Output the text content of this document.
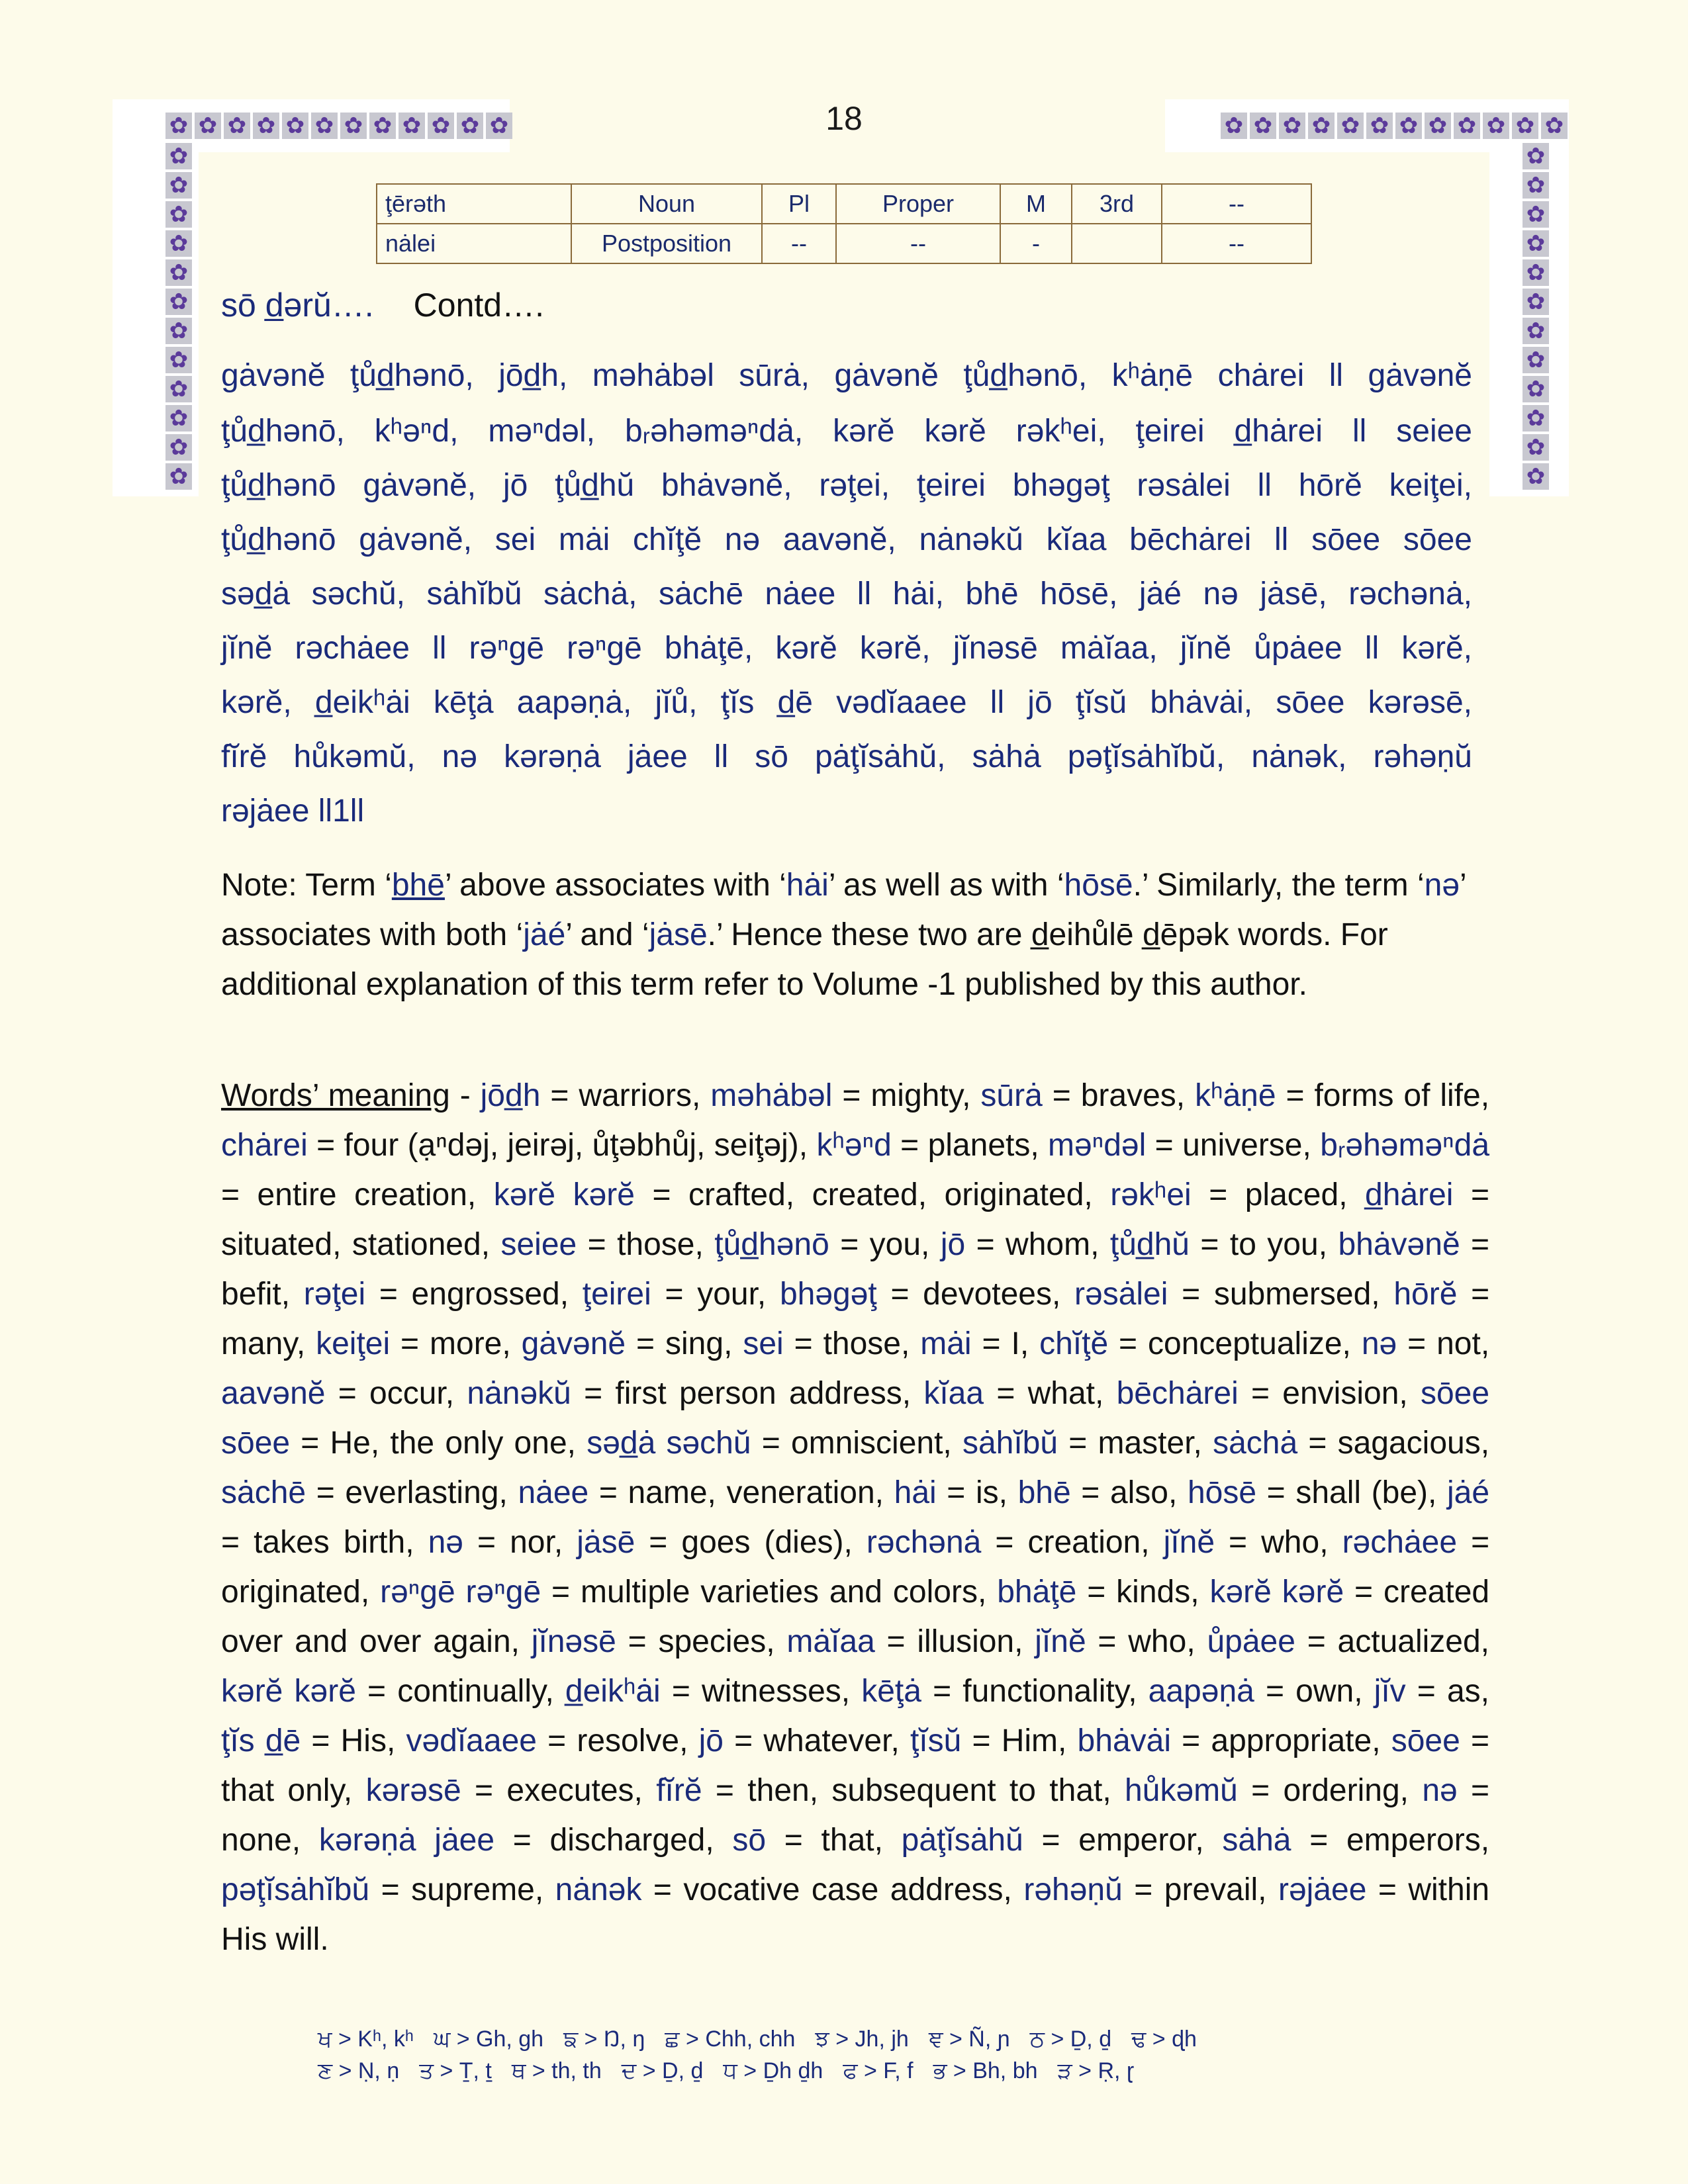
✿ ✿ ✿ ✿ ✿ ✿ ✿ ✿ ✿ ✿ ✿ ✿	✿ ✿ ✿ ✿ ✿ ✿ ✿ ✿ ✿ ✿ ✿ ✿
✿
✿
✿
✿
✿
✿
✿
✿
✿
✿
✿
✿
✿
✿
✿
✿
✿
✿
✿
✿
✿
✿
✿
✿
18
ţērəth	Noun	Pl	Proper	M	3rd	--
nȧlei	Postposition	--	--	-		--
sō d̲ərŭ…. Contd….
gȧvənĕ ţůd̲hənō, jōd̲h, məhȧbəl sūrȧ, gȧvənĕ ţůd̲hənō, kʰȧṇē chȧrei ll gȧvənĕ
ţůd̲hənō, kʰəⁿd, məⁿdəl, bᵣəhəməⁿdȧ, kərĕ kərĕ rəkʰei, ţeirei d̲hȧrei ll seiee
ţůd̲hənō gȧvənĕ, jō ţůd̲hŭ bhȧvənĕ, rəţei, ţeirei bhəgəţ rəsȧlei ll hōrĕ keiţei,
ţůd̲hənō gȧvənĕ, sei mȧi chĭţĕ nə aavənĕ, nȧnəkŭ kĭaa bēchȧrei ll sōee sōee
səd̲ȧ səchŭ, sȧhĭbŭ sȧchȧ, sȧchē nȧee ll hȧi, bhē hōsē, jȧé nə jȧsē, rəchənȧ,
jĭnĕ rəchȧee ll rəⁿgē rəⁿgē bhȧţē, kərĕ kərĕ, jĭnəsē mȧĭaa, jĭnĕ ůpȧee ll kərĕ,
kərĕ, d̲eikʰȧi kēţȧ aapəṇȧ, jĭů, ţĭs d̲ē vədĭaaee ll jō ţĭsŭ bhȧvȧi, sōee kərəsē,
fĭrĕ hůkəmŭ, nə kərəṇȧ jȧee ll sō pȧţĭsȧhŭ, sȧhȧ pəţĭsȧhĭbŭ, nȧnək, rəhəṇŭ
rəjȧee ll1ll
Note: Term ‘bhē’ above associates with ‘hȧi’ as well as with ‘hōsē.’ Similarly, the term ‘nə’ associates with both ‘jȧé’ and ‘jȧsē.’ Hence these two are d̲eihůlē d̲ēpək words. For additional explanation of this term refer to Volume -1 published by this author.
Words’ meaning - jōd̲h = warriors, məhȧbəl = mighty, sūrȧ = braves, kʰȧṇē = forms of life, chȧrei = four (ạⁿdəj, jeirəj, ůţəbhůj, seiţəj), kʰəⁿd = planets, məⁿdəl = universe, bᵣəhəməⁿdȧ = entire creation, kərĕ kərĕ = crafted, created, originated, rəkʰei = placed, d̲hȧrei = situated, stationed, seiee = those, ţůd̲hənō = you, jō = whom, ţůd̲hŭ = to you, bhȧvənĕ = befit, rəţei = engrossed, ţeirei = your, bhəgəţ = devotees, rəsȧlei = submersed, hōrĕ = many, keiţei = more, gȧvənĕ = sing, sei = those, mȧi = I, chĭţĕ = conceptualize, nə = not, aavənĕ = occur, nȧnəkŭ = first person address, kĭaa = what, bēchȧrei = envision, sōee sōee = He, the only one, səd̲ȧ səchŭ = omniscient, sȧhĭbŭ = master, sȧchȧ = sagacious, sȧchē = everlasting, nȧee = name, veneration, hȧi = is, bhē = also, hōsē = shall (be), jȧé = takes birth, nə = nor, jȧsē = goes (dies), rəchənȧ = creation, jĭnĕ = who, rəchȧee = originated, rəⁿgē rəⁿgē = multiple varieties and colors, bhȧţē = kinds, kərĕ kərĕ = created over and over again, jĭnəsē = species, mȧĭaa = illusion, jĭnĕ = who, ůpȧee = actualized, kərĕ kərĕ = continually, d̲eikʰȧi = witnesses, kēţȧ = functionality, aapəṇȧ = own, jĭv = as, ţĭs d̲ē = His, vədĭaaee = resolve, jō = whatever, ţĭsŭ = Him, bhȧvȧi = appropriate, sōee = that only, kərəsē = executes, fĭrĕ = then, subsequent to that, hůkəmŭ = ordering, nə = none, kərəṇȧ jȧee = discharged, sō = that, pȧţĭsȧhŭ = emperor, sȧhȧ = emperors, pəţĭsȧhĭbŭ = supreme, nȧnək = vocative case address, rəhəṇŭ = prevail, rəjȧee = within His will.
ਖ > Kʰ, kʰ ਘ > Gh, gh ਙ > Ŋ, ŋ ਛ > Chh, chh ਝ > Jh, jh ਞ > Ñ, ɲ ਠ > Ḏ, ḏ ਢ > ɖh
ਣ > Ṇ, ṇ ਤ > Ṯ, ṯ ਥ > th, th ਦ > Ḏ, ḏ ਧ > Ḏh ḏh ਫ > F, f ਭ > Bh, bh ੜ > Ṛ, ɽ
